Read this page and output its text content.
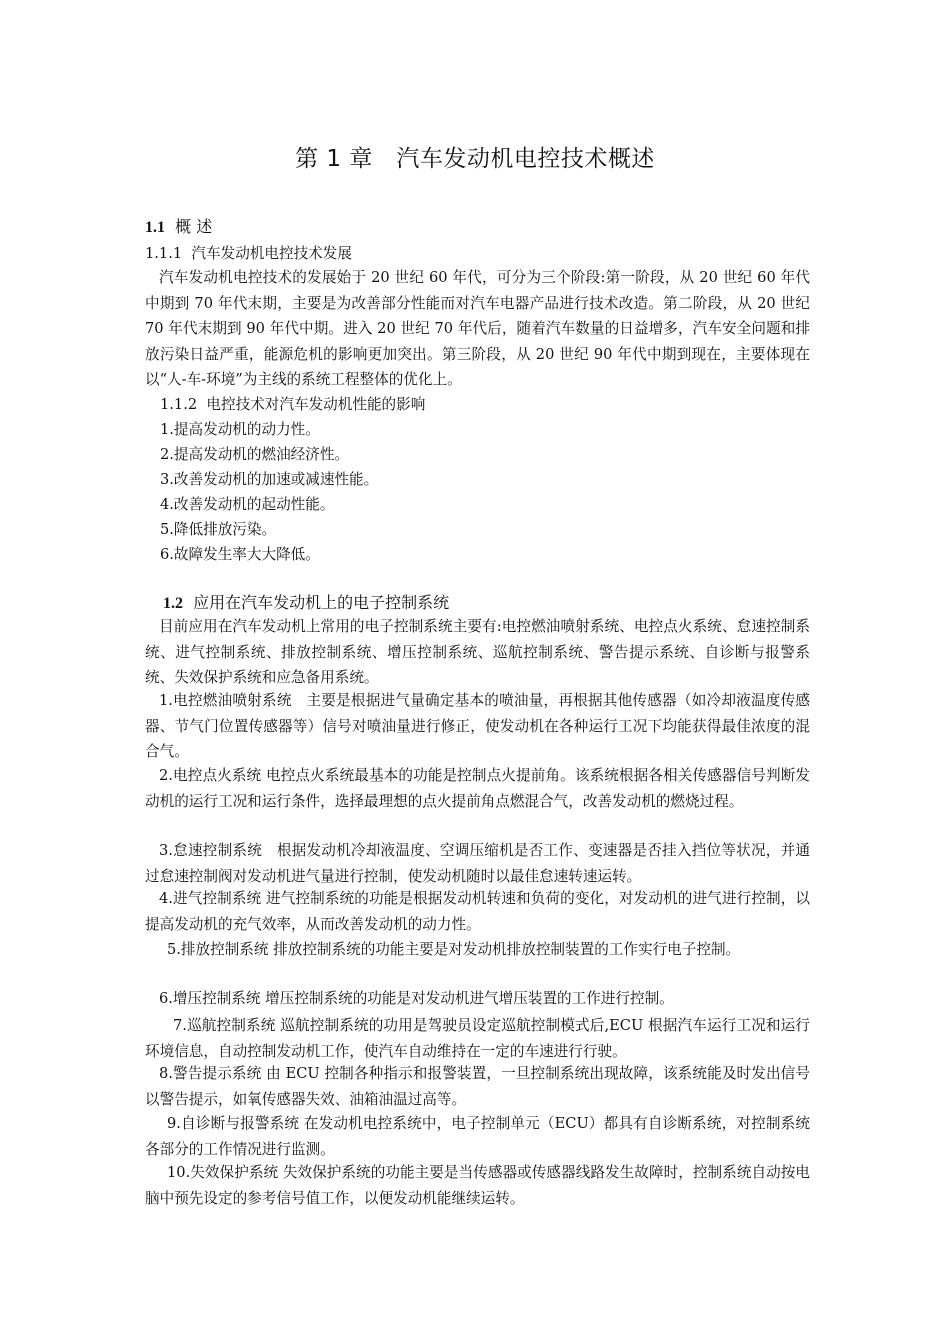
第 1 章　汽车发动机电控技术概述
1.1 概 述
1.1.1  汽车发动机电控技术发展
汽车发动机电控技术的发展始于 20 世纪 60 年代，可分为三个阶段:第一阶段，从 20 世纪 60 年代中期到 70 年代末期，主要是为改善部分性能而对汽车电器产品进行技术改造。第二阶段，从 20 世纪 70 年代末期到 90 年代中期。进入 20 世纪 70 年代后，随着汽车数量的日益增多，汽车安全问题和排放污染日益严重，能源危机的影响更加突出。第三阶段，从 20 世纪 90 年代中期到现在，主要体现在以“人-车-环境”为主线的系统工程整体的优化上。
1.1.2  电控技术对汽车发动机性能的影响
1.提高发动机的动力性。
2.提高发动机的燃油经济性。
3.改善发动机的加速或减速性能。
4.改善发动机的起动性能。
5.降低排放污染。
6.故障发生率大大降低。
1.2 应用在汽车发动机上的电子控制系统
目前应用在汽车发动机上常用的电子控制系统主要有:电控燃油喷射系统、电控点火系统、怠速控制系统、进气控制系统、排放控制系统、增压控制系统、巡航控制系统、警告提示系统、自诊断与报警系统、失效保护系统和应急备用系统。
1.电控燃油喷射系统　主要是根据进气量确定基本的喷油量，再根据其他传感器（如冷却液温度传感器、节气门位置传感器等）信号对喷油量进行修正，使发动机在各种运行工况下均能获得最佳浓度的混合气。
2.电控点火系统 电控点火系统最基本的功能是控制点火提前角。该系统根据各相关传感器信号判断发动机的运行工况和运行条件，选择最理想的点火提前角点燃混合气，改善发动机的燃烧过程。
3.怠速控制系统　根据发动机冷却液温度、空调压缩机是否工作、变速器是否挂入挡位等状况，并通过怠速控制阀对发动机进气量进行控制，使发动机随时以最佳怠速转速运转。
4.进气控制系统 进气控制系统的功能是根据发动机转速和负荷的变化，对发动机的进气进行控制，以提高发动机的充气效率，从而改善发动机的动力性。
5.排放控制系统 排放控制系统的功能主要是对发动机排放控制装置的工作实行电子控制。
6.增压控制系统 增压控制系统的功能是对发动机进气增压装置的工作进行控制。
7.巡航控制系统 巡航控制系统的功用是驾驶员设定巡航控制模式后,ECU 根据汽车运行工况和运行环境信息，自动控制发动机工作，使汽车自动维持在一定的车速进行行驶。
8.警告提示系统 由 ECU 控制各种指示和报警装置，一旦控制系统出现故障，该系统能及时发出信号以警告提示，如氧传感器失效、油箱油温过高等。
9.自诊断与报警系统 在发动机电控系统中，电子控制单元（ECU）都具有自诊断系统，对控制系统各部分的工作情况进行监测。
10.失效保护系统 失效保护系统的功能主要是当传感器或传感器线路发生故障时，控制系统自动按电脑中预先设定的参考信号值工作，以便发动机能继续运转。
